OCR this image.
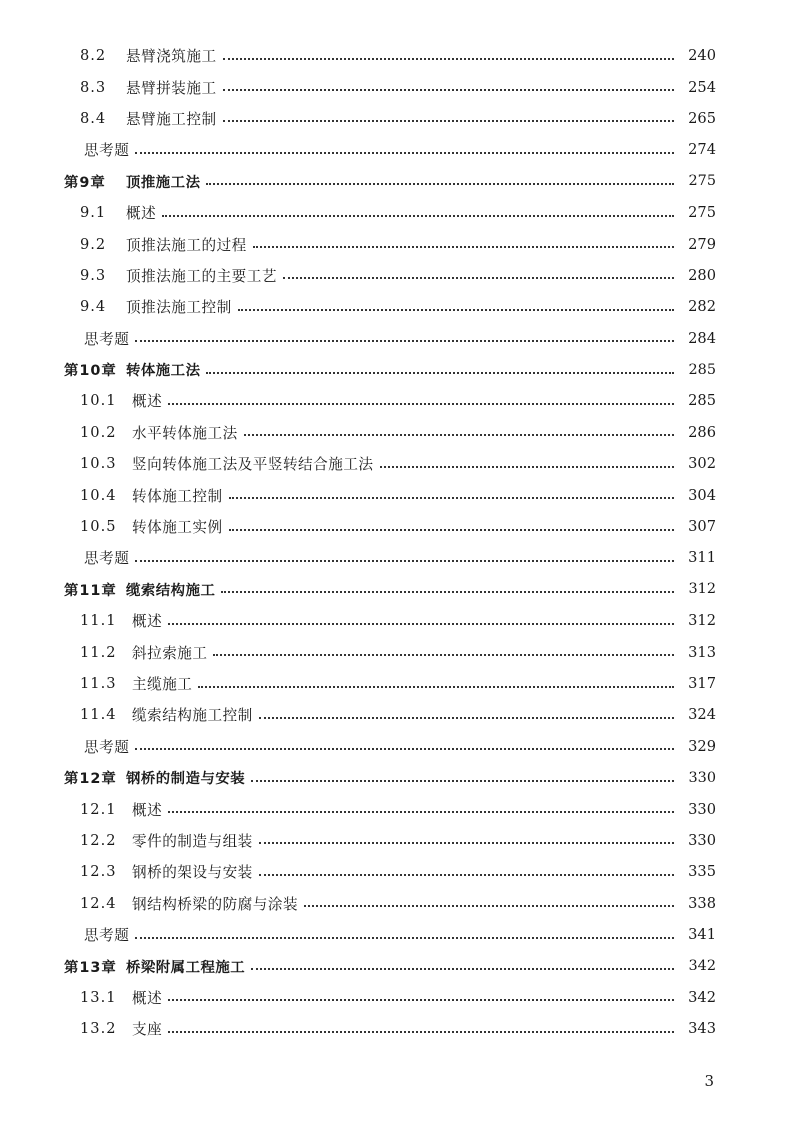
8.2	悬臂浇筑施工	240
8.3	悬臂拼装施工	254
8.4	悬臂施工控制	265
思考题	274
第9章	顶推施工法	275
9.1	概述	275
9.2	顶推法施工的过程	279
9.3	顶推法施工的主要工艺	280
9.4	顶推法施工控制	282
思考题	284
第10章 转体施工法	285
10.1	概述	285
10.2	水平转体施工法	286
10.3	竖向转体施工法及平竖转结合施工法	302
10.4	转体施工控制	304
10.5	转体施工实例	307
思考题	311
第11章 缆索结构施工	312
11.1	概述	312
11.2	斜拉索施工	313
11.3	主缆施工	317
11.4	缆索结构施工控制	324
思考题	329
第12章 钢桥的制造与安装	330
12.1	概述	330
12.2	零件的制造与组装	330
12.3	钢桥的架设与安装	335
12.4	钢结构桥梁的防腐与涂装	338
思考题	341
第13章 桥梁附属工程施工	342
13.1	概述	342
13.2	支座	343
3
